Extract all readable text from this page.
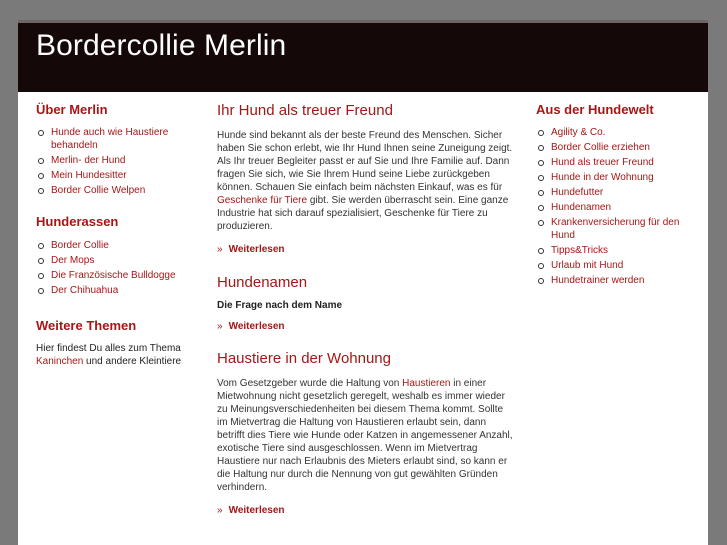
Bordercollie Merlin
Über Merlin
Hunde auch wie Haustiere behandeln
Merlin- der Hund
Mein Hundesitter
Border Collie Welpen
Hunderassen
Border Collie
Der Mops
Die Französische Bulldogge
Der Chihuahua
Weitere Themen

Hier findest Du alles zum Thema Kaninchen und andere Kleintiere

Ihr Hund als treuer Freund

Hunde sind bekannt als der beste Freund des Menschen. Sicher haben Sie schon erlebt, wie Ihr Hund Ihnen seine Zuneigung zeigt. Als Ihr treuer Begleiter passt er auf Sie und Ihre Familie auf. Dann fragen Sie sich, wie Sie Ihrem Hund seine Liebe zurückgeben können. Schauen Sie einfach beim nächsten Einkauf, was es für Geschenke für Tiere gibt. Sie werden überrascht sein. Eine ganze Industrie hat sich darauf spezialisiert, Geschenke für Tiere zu produzieren.

» Weiterlesen

Hundenamen

Die Frage nach dem Name

» Weiterlesen

Haustiere in der Wohnung

Vom Gesetzgeber wurde die Haltung von Haustieren in einer Mietwohnung nicht gesetzlich geregelt, weshalb es immer wieder zu Meinungsverschiedenheiten bei diesem Thema kommt. Sollte im Mietvertrag die Haltung von Haustieren erlaubt sein, dann betrifft dies Tiere wie Hunde oder Katzen in angemessener Anzahl, exotische Tiere sind ausgeschlossen. Wenn im Mietvertrag Haustiere nur nach Erlaubnis des Mieters erlaubt sind, so kann er die Haltung nur durch die Nennung von gut gewählten Gründen verhindern.

» Weiterlesen

Aus der Hundewelt
Agility & Co.
Border Collie erziehen
Hund als treuer Freund
Hunde in der Wohnung
Hundefutter
Hundenamen
Krankenversicherung für den Hund
Tipps&Tricks
Urlaub mit Hund
Hundetrainer werden
